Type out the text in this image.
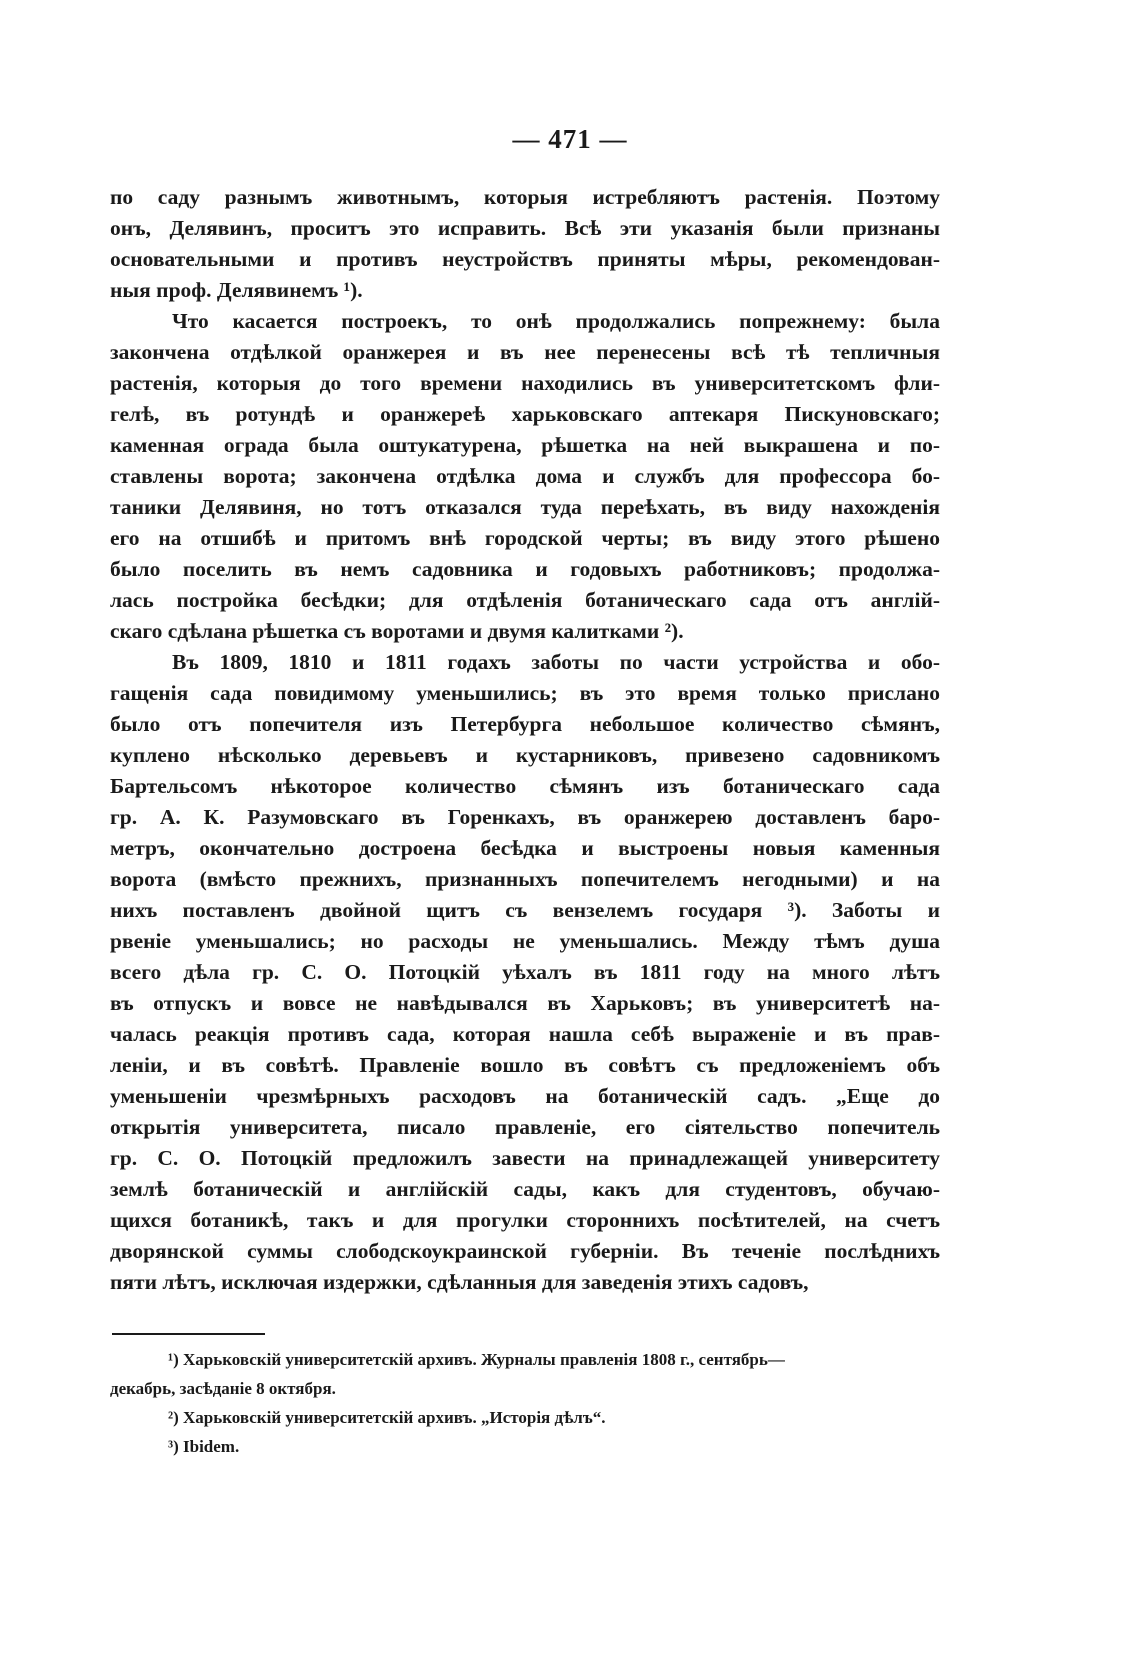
— 471 —
по саду разнымъ животнымъ, которыя истребляютъ растенія. Поэтому
онъ, Делявинъ, проситъ это исправить. Всѣ эти указанія были признаны
основательными и противъ неустройствъ приняты мѣры, рекомендован-
ныя проф. Делявинемъ ¹).
Что касается построекъ, то онѣ продолжались попрежнему: была
закончена отдѣлкой оранжерея и въ нее перенесены всѣ тѣ тепличныя
растенія, которыя до того времени находились въ университетскомъ фли-
гелѣ, въ ротундѣ и оранжереѣ харьковскаго аптекаря Пискуновскаго;
каменная ограда была оштукатурена, рѣшетка на ней выкрашена и по-
ставлены ворота; закончена отдѣлка дома и службъ для профессора бо-
таники Делявиня, но тотъ отказался туда переѣхать, въ виду нахожденія
его на отшибѣ и притомъ внѣ городской черты; въ виду этого рѣшено
было поселить въ немъ садовника и годовыхъ работниковъ; продолжа-
лась постройка бесѣдки; для отдѣленія ботаническаго сада отъ англій-
скаго сдѣлана рѣшетка съ воротами и двумя калитками ²).
Въ 1809, 1810 и 1811 годахъ заботы по части устройства и обо-
гащенія сада повидимому уменьшились; въ это время только прислано
было отъ попечителя изъ Петербурга небольшое количество сѣмянъ,
куплено нѣсколько деревьевъ и кустарниковъ, привезено садовникомъ
Бартельсомъ нѣкоторое количество сѣмянъ изъ ботаническаго сада
гр. А. К. Разумовскаго въ Горенкахъ, въ оранжерею доставленъ баро-
метръ, окончательно достроена бесѣдка и выстроены новыя каменныя
ворота (вмѣсто прежнихъ, признанныхъ попечителемъ негодными) и на
нихъ поставленъ двойной щитъ съ вензелемъ государя ³). Заботы и
рвеніе уменьшались; но расходы не уменьшались. Между тѣмъ душа
всего дѣла гр. С. О. Потоцкій уѣхалъ въ 1811 году на много лѣтъ
въ отпускъ и вовсе не навѣдывался въ Харьковъ; въ университетѣ на-
чалась реакція противъ сада, которая нашла себѣ выраженіе и въ прав-
леніи, и въ совѣтѣ. Правленіе вошло въ совѣтъ съ предложеніемъ объ
уменьшеніи чрезмѣрныхъ расходовъ на ботаническій садъ. „Еще до
открытія университета, писало правленіе, его сіятельство попечитель
гр. С. О. Потоцкій предложилъ завести на принадлежащей университету
землѣ ботаническій и англійскій сады, какъ для студентовъ, обучаю-
щихся ботаникѣ, такъ и для прогулки стороннихъ посѣтителей, на счетъ
дворянской суммы слободскоукраинской губерніи. Въ теченіе послѣднихъ
пяти лѣтъ, исключая издержки, сдѣланныя для заведенія этихъ садовъ,
¹) Харьковскій университетскій архивъ. Журналы правленія 1808 г., сентябрь—
декабрь, засѣданіе 8 октября.
²) Харьковскій университетскій архивъ. „Исторія дѣлъ“.
³) Ibidem.
